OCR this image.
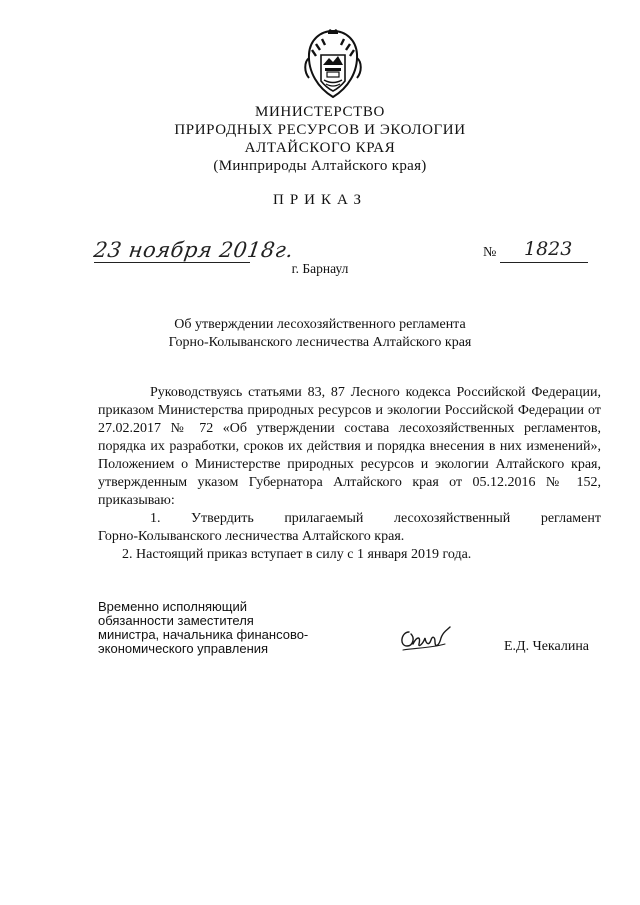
МИНИСТЕРСТВО
ПРИРОДНЫХ РЕСУРСОВ И ЭКОЛОГИИ
АЛТАЙСКОГО КРАЯ
(Минприроды Алтайского края)
ПРИКАЗ
23 ноября 2018г.	№ 1823
г. Барнаул
Об утверждении лесохозяйственного регламента
Горно-Колыванского лесничества Алтайского края

Руководствуясь статьями 83, 87 Лесного кодекса Российской Федерации, приказом Министерства природных ресурсов и экологии Российской Федерации от 27.02.2017 № 72 «Об утверждении состава лесохозяйственных регламентов, порядка их разработки, сроков их действия и порядка внесения в них изменений», Положением о Министерстве природных ресурсов и экологии Алтайского края, утвержденным указом Губернатора Алтайского края от 05.12.2016 № 152, приказываю:

1. Утвердить прилагаемый лесохозяйственный регламент

Горно-Колыванского лесничества Алтайского края.

2. Настоящий приказ вступает в силу с 1 января 2019 года.

Временно исполняющий
обязанности заместителя
министра, начальника финансово-
экономического управления	Е.Д. Чекалина
